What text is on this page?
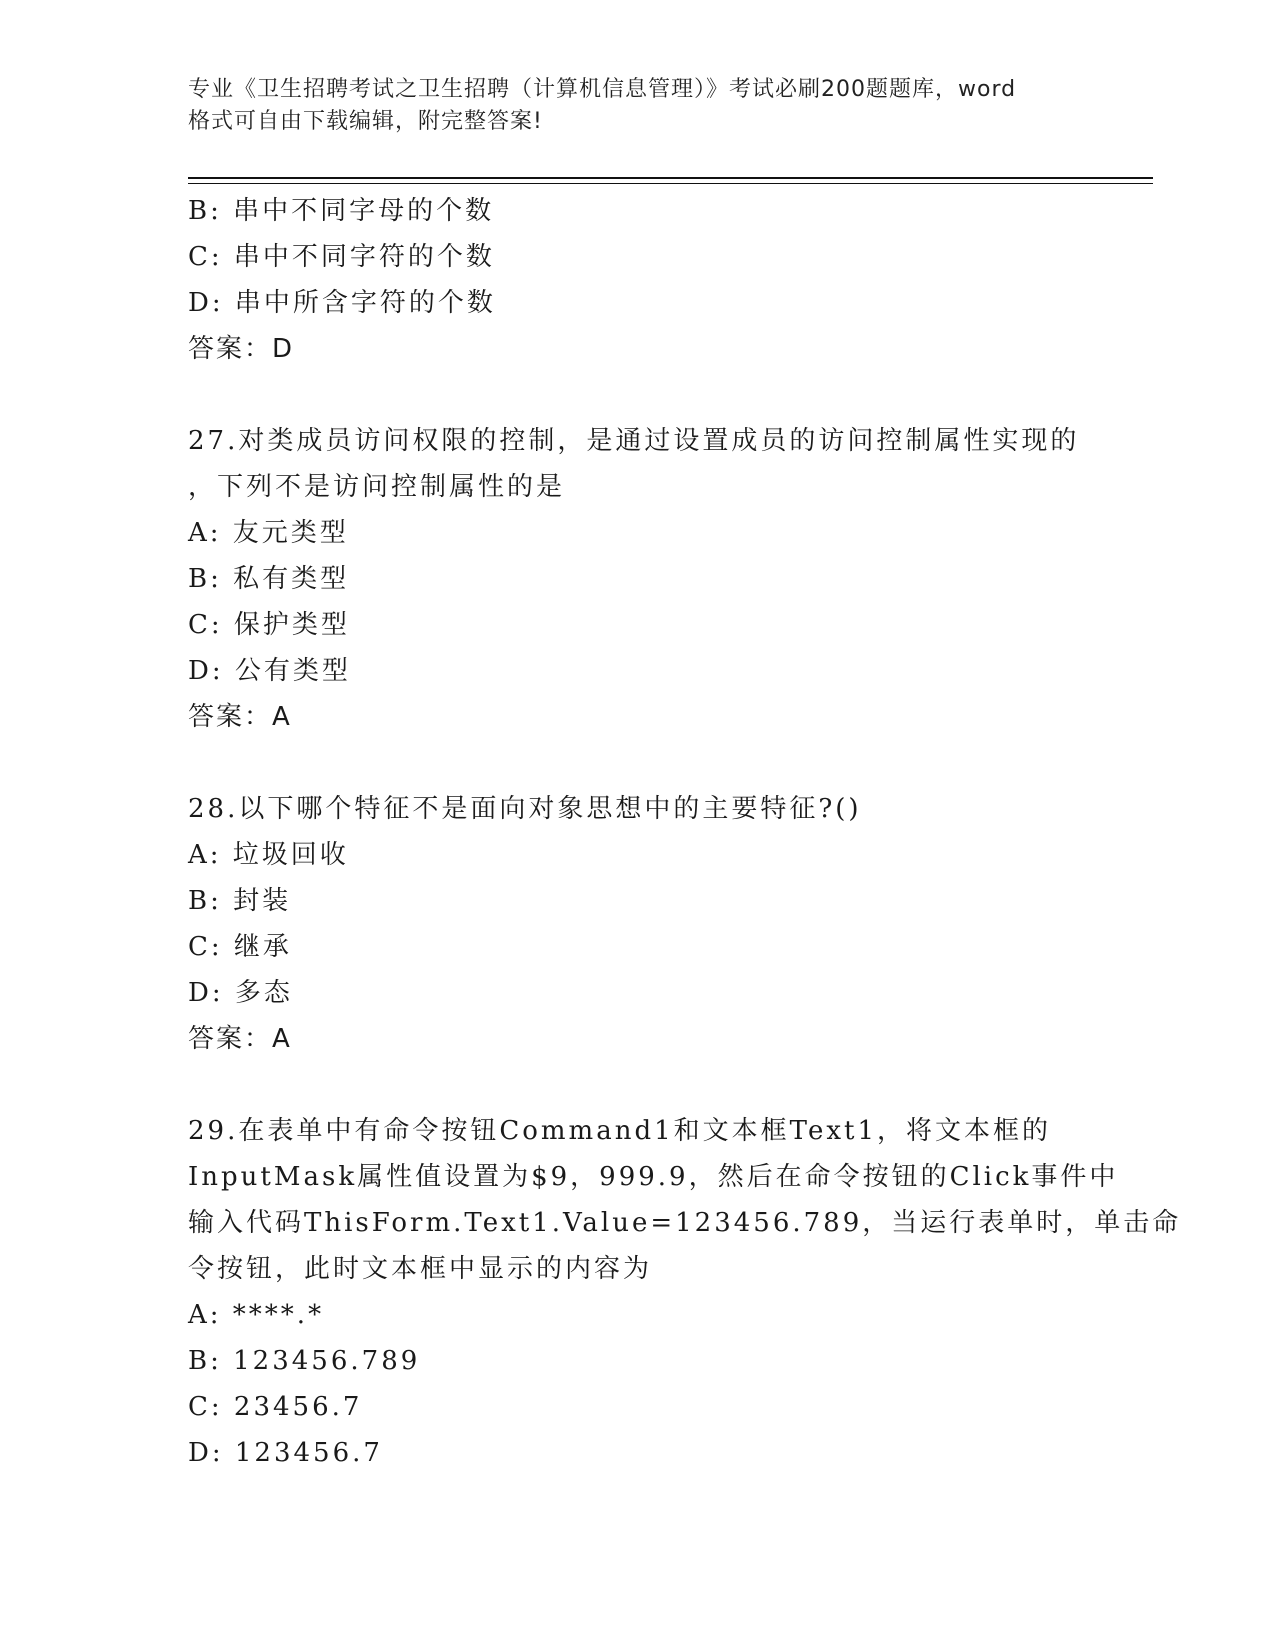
专业《卫生招聘考试之卫生招聘（计算机信息管理）》考试必刷200题题库，word
格式可自由下载编辑，附完整答案!
B: 串中不同字母的个数
C: 串中不同字符的个数
D: 串中所含字符的个数
答案：D
27.对类成员访问权限的控制，是通过设置成员的访问控制属性实现的
，下列不是访问控制属性的是
A: 友元类型
B: 私有类型
C: 保护类型
D: 公有类型
答案：A
28.以下哪个特征不是面向对象思想中的主要特征?()
A: 垃圾回收
B: 封装
C: 继承
D: 多态
答案：A
29.在表单中有命令按钮Command1和文本框Text1，将文本框的
InputMask属性值设置为$9，999.9，然后在命令按钮的Click事件中
输入代码ThisForm.Text1.Value=123456.789，当运行表单时，单击命
令按钮，此时文本框中显示的内容为
A: ****.*
B: 123456.789
C: 23456.7
D: 123456.7
